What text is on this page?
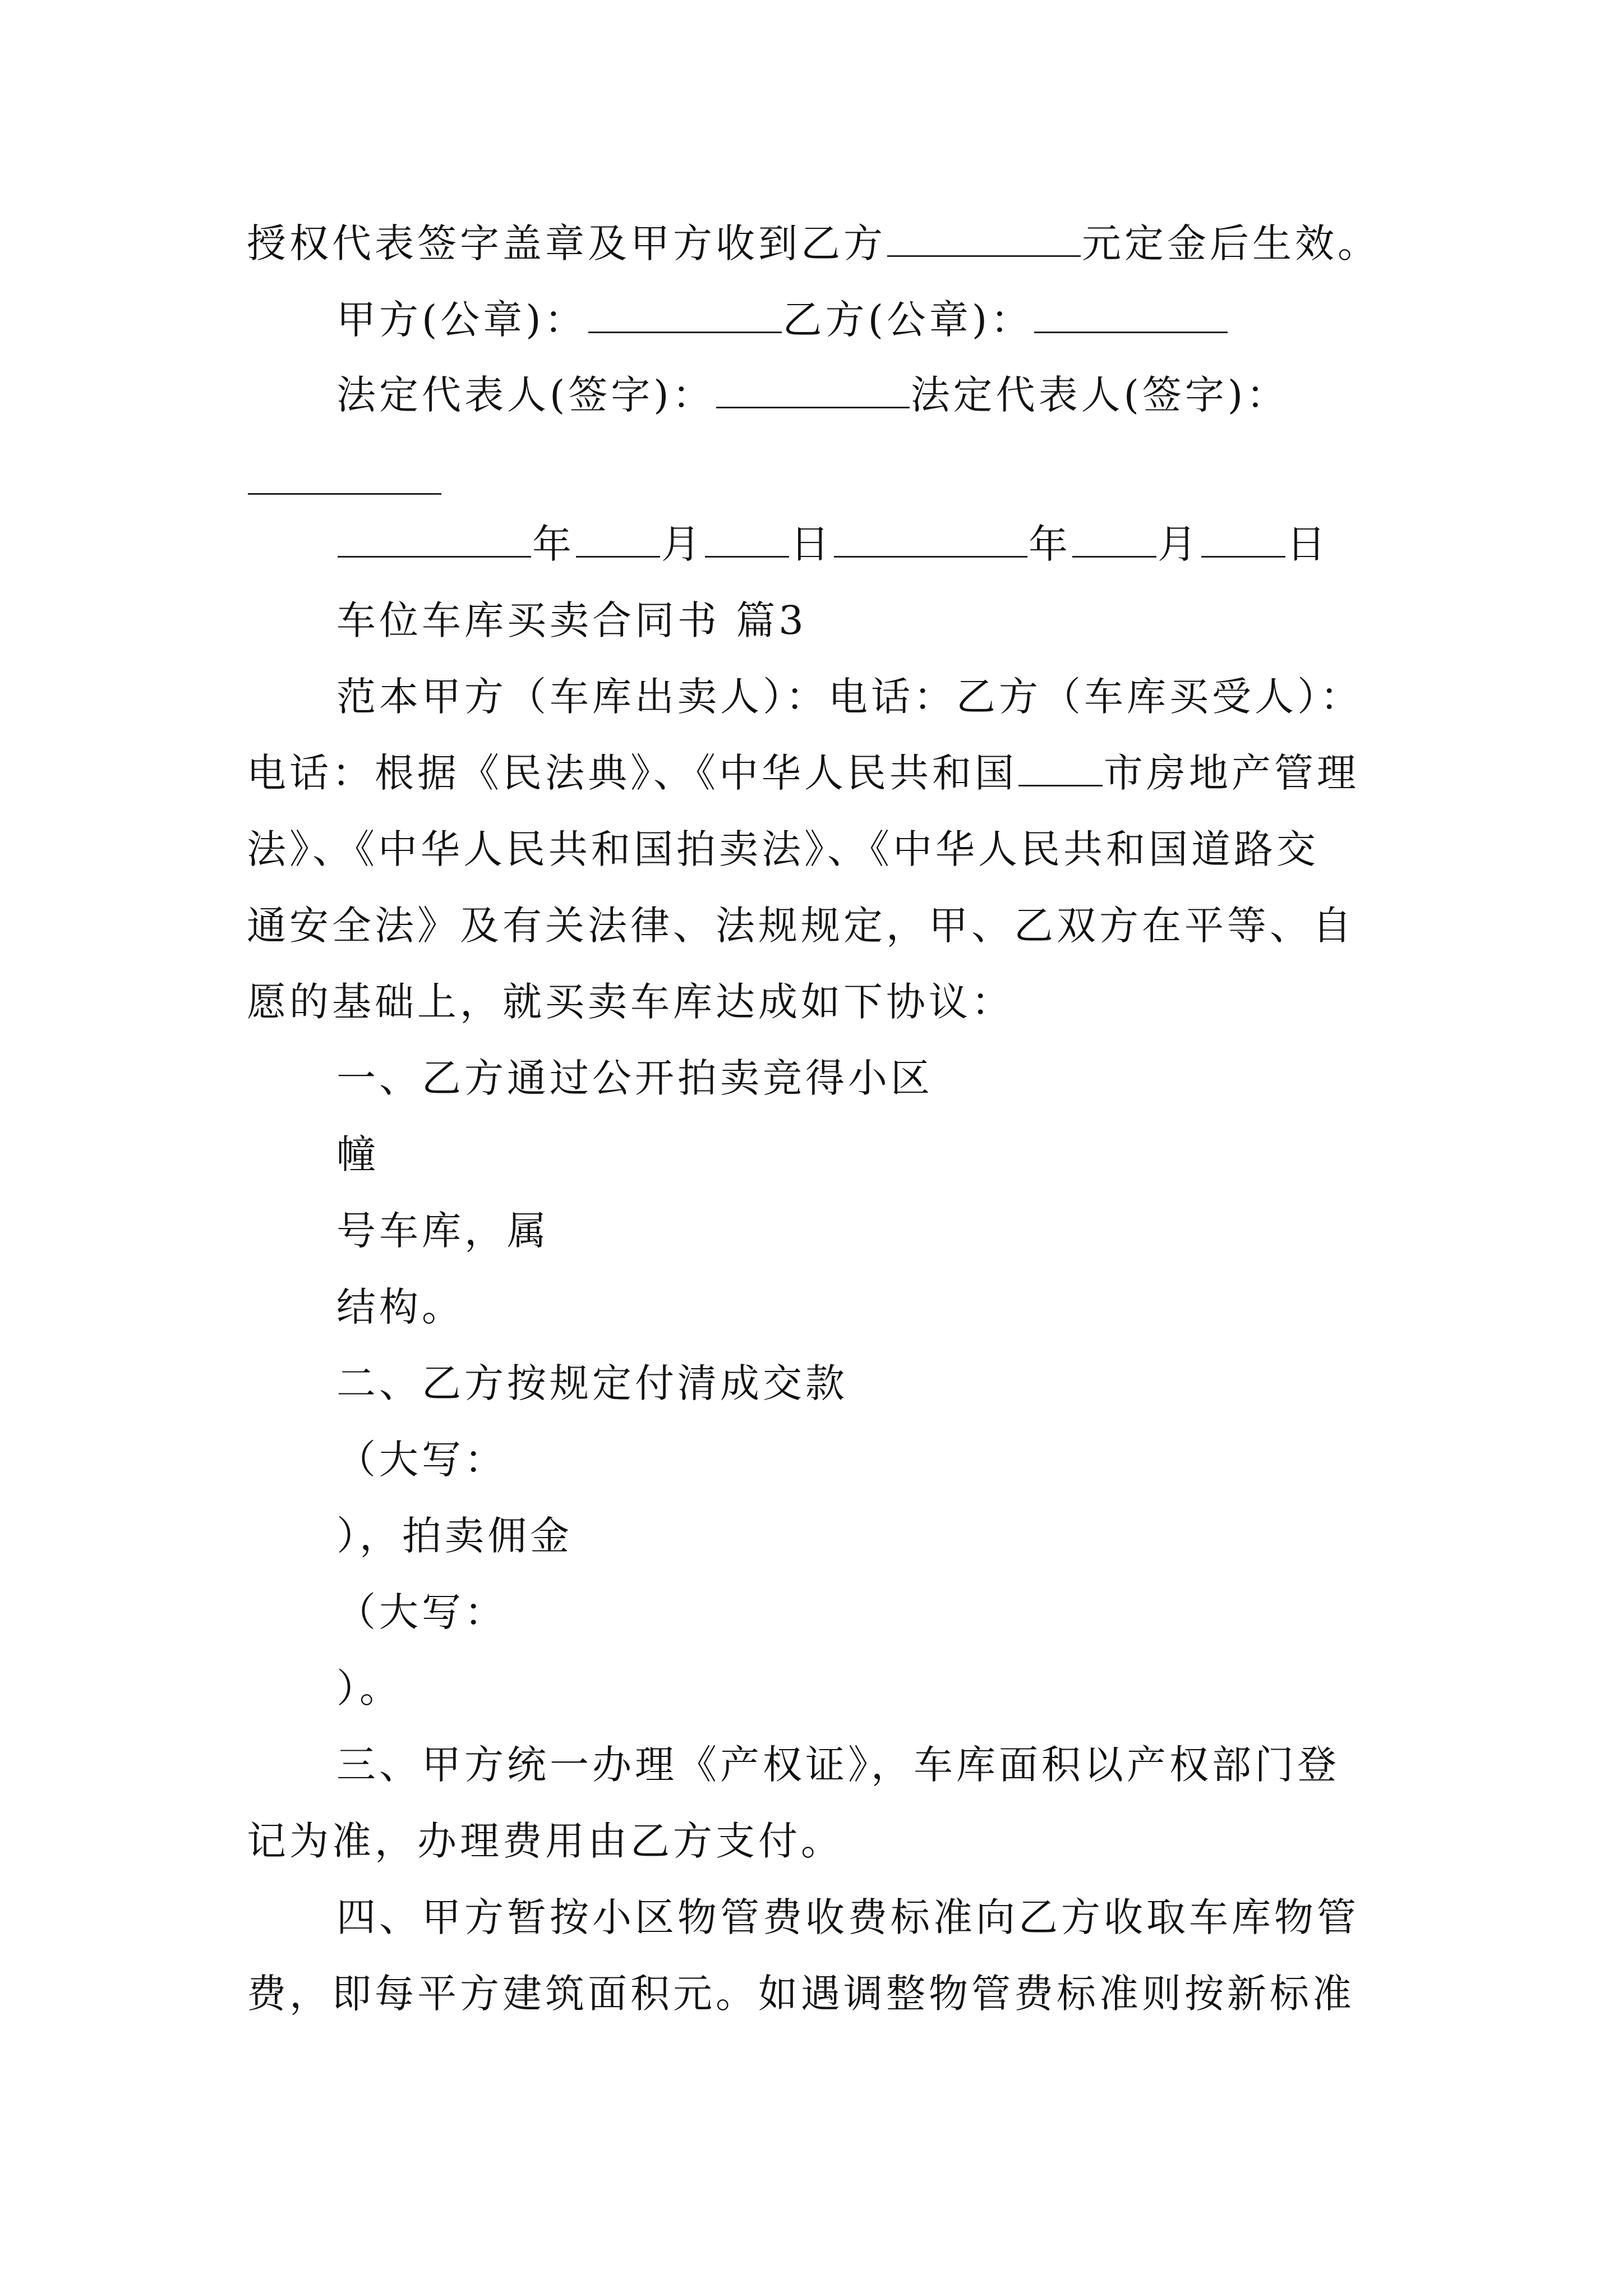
授权代表签字盖章及甲方收到乙方	元定金后生效。
甲方(公章)：	乙方(公章)：
法定代表人(签字)：	法定代表人(签字)：
年 月 日	年 月 日
车位车库买卖合同书 篇3
范本甲方（车库出卖人）：电话：乙方（车库买受人）：
电话：根据《民法典》、《中华人民共和国 市房地产管理
法》、《中华人民共和国拍卖法》、《中华人民共和国道路交
通安全法》及有关法律、法规规定，甲、乙双方在平等、自
愿的基础上，就买卖车库达成如下协议：
一、乙方通过公开拍卖竞得小区
幢
号车库，属
结构。
二、乙方按规定付清成交款
（大写：
），拍卖佣金
（大写：
）。
三、甲方统一办理《产权证》，车库面积以产权部门登
记为准，办理费用由乙方支付。
四、甲方暂按小区物管费收费标准向乙方收取车库物管
费，即每平方建筑面积元。如遇调整物管费标准则按新标准
